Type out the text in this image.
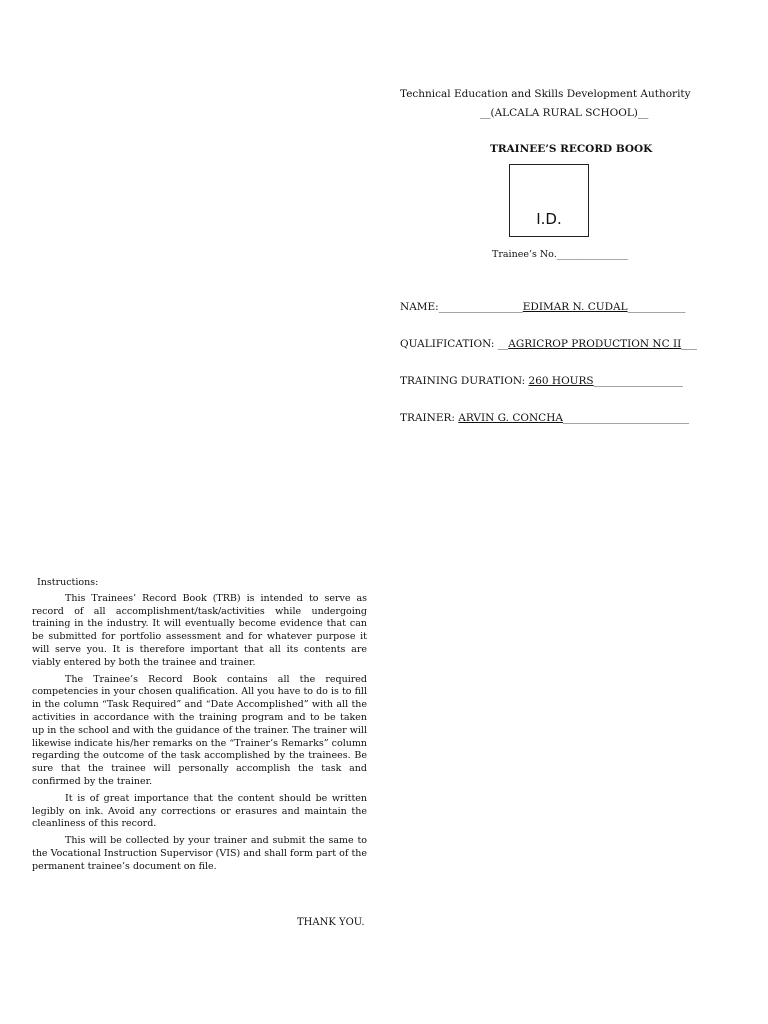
Technical Education and Skills Development Authority
__(ALCALA RURAL SCHOOL)__
TRAINEE’S RECORD BOOK
I.D.
Trainee’s No._______________
NAME:________________EDIMAR N. CUDAL___________
QUALIFICATION: __AGRICROP PRODUCTION NC II___
TRAINING DURATION: 260 HOURS_________________
TRAINER: ARVIN G. CONCHA________________________

Instructions:

This Trainees’ Record Book (TRB) is intended to serve as record of all accomplishment/task/activities while undergoing training in the industry. It will eventually become evidence that can be submitted for portfolio assessment and for whatever purpose it will serve you. It is therefore important that all its contents are viably entered by both the trainee and trainer.

The Trainee’s Record Book contains all the required competencies in your chosen qualification. All you have to do is to fill in the column “Task Required” and “Date Accomplished” with all the activities in accordance with the training program and to be taken up in the school and with the guidance of the trainer. The trainer will likewise indicate his/her remarks on the “Trainer’s Remarks” column regarding the outcome of the task accomplished by the trainees. Be sure that the trainee will personally accomplish the task and confirmed by the trainer.

It is of great importance that the content should be written legibly on ink. Avoid any corrections or erasures and maintain the cleanliness of this record.

This will be collected by your trainer and submit the same to the Vocational Instruction Supervisor (VIS) and shall form part of the permanent trainee’s document on file.

THANK YOU.
